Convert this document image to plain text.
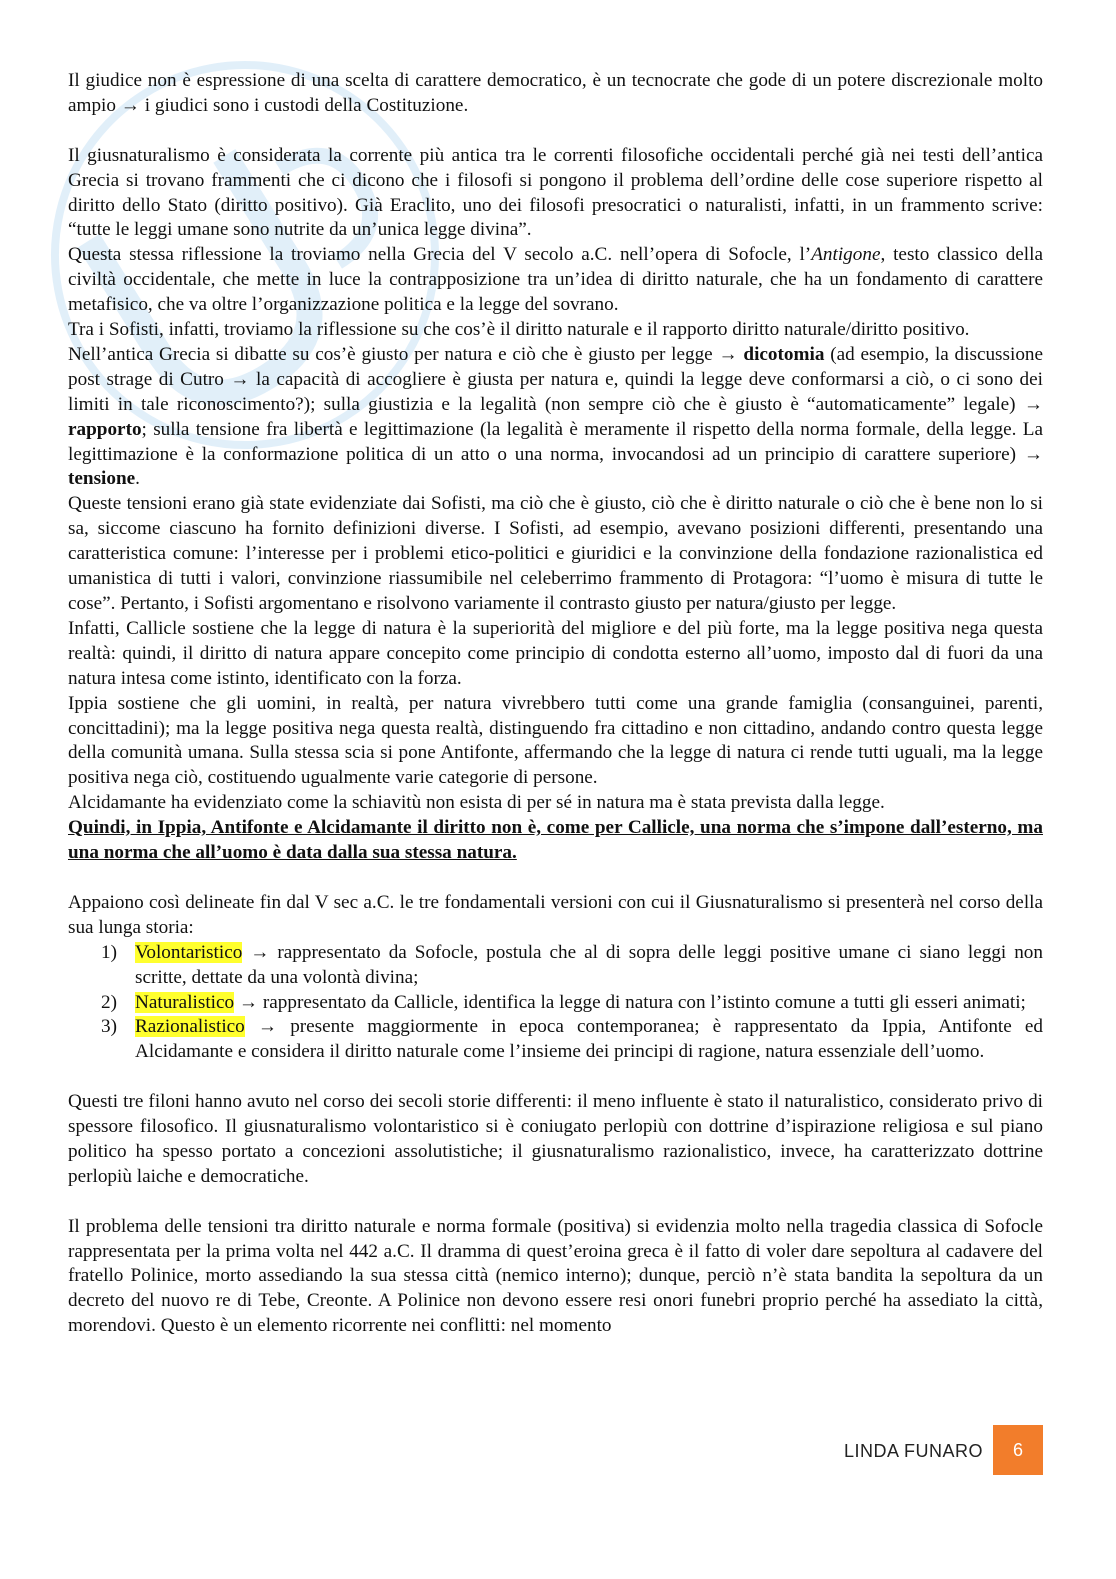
Il giudice non è espressione di una scelta di carattere democratico, è un tecnocrate che gode di un potere discrezionale molto ampio → i giudici sono i custodi della Costituzione.

Il giusnaturalismo è considerata la corrente più antica tra le correnti filosofiche occidentali perché già nei testi dell’antica Grecia si trovano frammenti che ci dicono che i filosofi si pongono il problema dell’ordine delle cose superiore rispetto al diritto dello Stato (diritto positivo). Già Eraclito, uno dei filosofi presocratici o naturalisti, infatti, in un frammento scrive: “tutte le leggi umane sono nutrite da un’unica legge divina”.

Questa stessa riflessione la troviamo nella Grecia del V secolo a.C. nell’opera di Sofocle, l’Antigone, testo classico della civiltà occidentale, che mette in luce la contrapposizione tra un’idea di diritto naturale, che ha un fondamento di carattere metafisico, che va oltre l’organizzazione politica e la legge del sovrano.

Tra i Sofisti, infatti, troviamo la riflessione su che cos’è il diritto naturale e il rapporto diritto naturale/diritto positivo.

Nell’antica Grecia si dibatte su cos’è giusto per natura e ciò che è giusto per legge → dicotomia (ad esempio, la discussione post strage di Cutro → la capacità di accogliere è giusta per natura e, quindi la legge deve conformarsi a ciò, o ci sono dei limiti in tale riconoscimento?); sulla giustizia e la legalità (non sempre ciò che è giusto è “automaticamente” legale) → rapporto; sulla tensione fra libertà e legittimazione (la legalità è meramente il rispetto della norma formale, della legge. La legittimazione è la conformazione politica di un atto o una norma, invocandosi ad un principio di carattere superiore) → tensione.

Queste tensioni erano già state evidenziate dai Sofisti, ma ciò che è giusto, ciò che è diritto naturale o ciò che è bene non lo si sa, siccome ciascuno ha fornito definizioni diverse. I Sofisti, ad esempio, avevano posizioni differenti, presentando una caratteristica comune: l’interesse per i problemi etico-politici e giuridici e la convinzione della fondazione razionalistica ed umanistica di tutti i valori, convinzione riassumibile nel celeberrimo frammento di Protagora: “l’uomo è misura di tutte le cose”. Pertanto, i Sofisti argomentano e risolvono variamente il contrasto giusto per natura/giusto per legge.

Infatti, Callicle sostiene che la legge di natura è la superiorità del migliore e del più forte, ma la legge positiva nega questa realtà: quindi, il diritto di natura appare concepito come principio di condotta esterno all’uomo, imposto dal di fuori da una natura intesa come istinto, identificato con la forza.

Ippia sostiene che gli uomini, in realtà, per natura vivrebbero tutti come una grande famiglia (consanguinei, parenti, concittadini); ma la legge positiva nega questa realtà, distinguendo fra cittadino e non cittadino, andando contro questa legge della comunità umana. Sulla stessa scia si pone Antifonte, affermando che la legge di natura ci rende tutti uguali, ma la legge positiva nega ciò, costituendo ugualmente varie categorie di persone.

Alcidamante ha evidenziato come la schiavitù non esista di per sé in natura ma è stata prevista dalla legge.

Quindi, in Ippia, Antifonte e Alcidamante il diritto non è, come per Callicle, una norma che s’impone dall’esterno, ma una norma che all’uomo è data dalla sua stessa natura.

Appaiono così delineate fin dal V sec a.C. le tre fondamentali versioni con cui il Giusnaturalismo si presenterà nel corso della sua lunga storia:

1) Volontaristico → rappresentato da Sofocle, postula che al di sopra delle leggi positive umane ci siano leggi non scritte, dettate da una volontà divina;
2) Naturalistico → rappresentato da Callicle, identifica la legge di natura con l’istinto comune a tutti gli esseri animati;
3) Razionalistico → presente maggiormente in epoca contemporanea; è rappresentato da Ippia, Antifonte ed Alcidamante e considera il diritto naturale come l’insieme dei principi di ragione, natura essenziale dell’uomo.

Questi tre filoni hanno avuto nel corso dei secoli storie differenti: il meno influente è stato il naturalistico, considerato privo di spessore filosofico. Il giusnaturalismo volontaristico si è coniugato perlopiù con dottrine d’ispirazione religiosa e sul piano politico ha spesso portato a concezioni assolutistiche; il giusnaturalismo razionalistico, invece, ha caratterizzato dottrine perlopiù laiche e democratiche.

Il problema delle tensioni tra diritto naturale e norma formale (positiva) si evidenzia molto nella tragedia classica di Sofocle rappresentata per la prima volta nel 442 a.C. Il dramma di quest’eroina greca è il fatto di voler dare sepoltura al cadavere del fratello Polinice, morto assediando la sua stessa città (nemico interno); dunque, perciò n’è stata bandita la sepoltura da un decreto del nuovo re di Tebe, Creonte. A Polinice non devono essere resi onori funebri proprio perché ha assediato la città, morendovi. Questo è un elemento ricorrente nei conflitti: nel momento

LINDA FUNARO	6
